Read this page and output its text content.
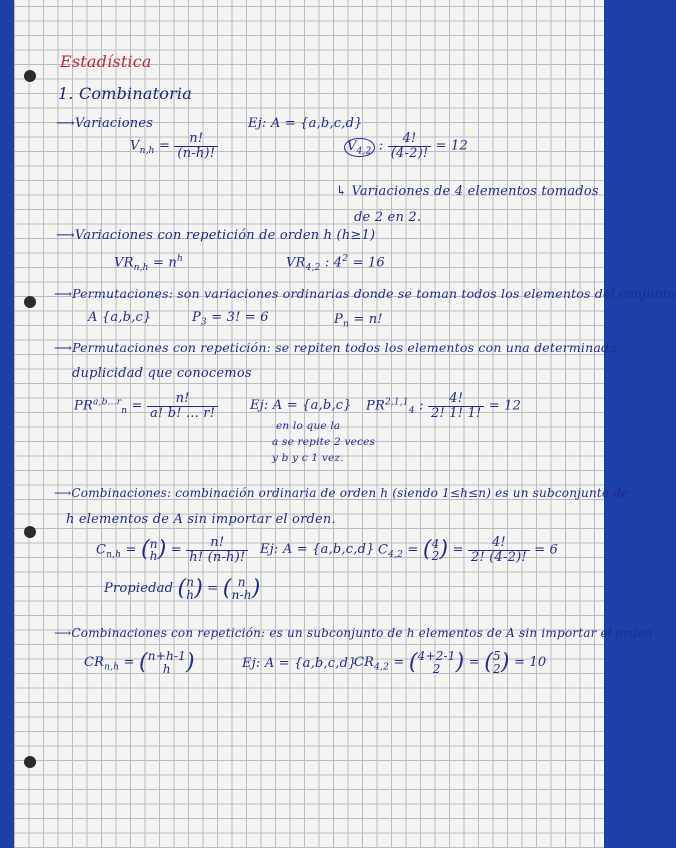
Estadística
1. Combinatoria
⟶Variaciones
$V_{n,h} = \frac{n!}{(n-h)!}$
Ej: A = {a,b,c,d}
$V_{4,2}$ : $\frac{4!}{(4-2)!} = 12$
↳ Variaciones de 4 elementos tomados
de 2 en 2.
⟶Variaciones con repetición de orden h (h≥1)
$VR_{n,h} = n^h$	$VR_{4,2}$ : $4^2 = 16$
⟶Permutaciones: son variaciones ordinarias donde se toman todos los elementos del conjunto
A {a,b,c}	$P_3 = 3$! = 6	$P_n = n$!
⟶Permutaciones con repetición: se repiten todos los elementos con una determinada
duplicidad que conocemos
$PR^{a,b...r}_n = \frac{n!}{a! b! ... r!} Ej$: A = {a,b,c}
en lo que la
a se repite 2 veces
y b y c 1 vez.
PR$^{2,1,1}_4$ : $\frac{4!}{2! 1! 1!} = 12$
⟶Combinaciones: combinación ordinaria de orden h (siendo 1≤h≤n) es un subconjunto de
h elementos de A sin importar el orden.
$C_{n,h}$ = ( n
h ) = $\frac{n!}{h! (n-h)!} Ej$: A = {a,b,c,d} $C_{4,2}$ = ( 4
2 ) = $\frac{4!}{2! (4-2)!} = 6$
Propiedad ( n
h ) = ( n
n-h )
⟶Combinaciones con repetición: es un subconjunto de h elementos de A sin importar el orden
$CR_{n,h}$ = ( n+h-1
h )	Ej: A = {a,b,c,d}
$CR_{4,2}$ = ( 4+2-1
2 ) = ( 5
2 ) = 10
